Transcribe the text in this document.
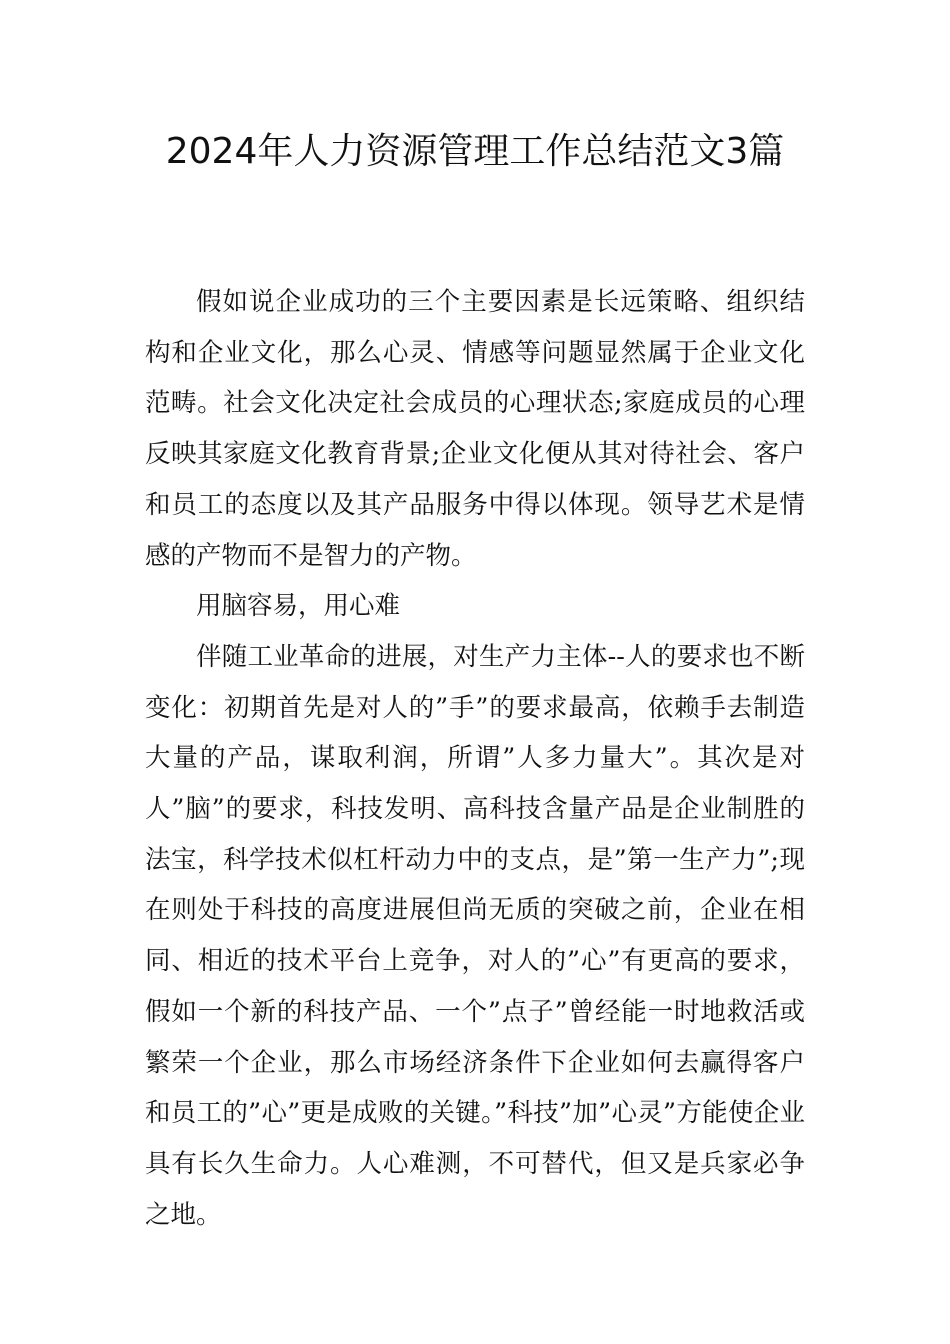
2024年人力资源管理工作总结范文3篇

假如说企业成功的三个主要因素是长远策略、组织结构和企业文化，那么心灵、情感等问题显然属于企业文化范畴。社会文化决定社会成员的心理状态;家庭成员的心理反映其家庭文化教育背景;企业文化便从其对待社会、客户和员工的态度以及其产品服务中得以体现。领导艺术是情感的产物而不是智力的产物。

用脑容易，用心难

伴随工业革命的进展，对生产力主体--人的要求也不断变化：初期首先是对人的”手”的要求最高，依赖手去制造大量的产品，谋取利润，所谓”人多力量大”。其次是对人”脑”的要求，科技发明、高科技含量产品是企业制胜的法宝，科学技术似杠杆动力中的支点，是”第一生产力”;现在则处于科技的高度进展但尚无质的突破之前，企业在相同、相近的技术平台上竞争，对人的”心”有更高的要求，假如一个新的科技产品、一个”点子”曾经能一时地救活或繁荣一个企业，那么市场经济条件下企业如何去赢得客户和员工的”心”更是成败的关键。”科技”加”心灵”方能使企业具有长久生命力。人心难测，不可替代，但又是兵家必争之地。
